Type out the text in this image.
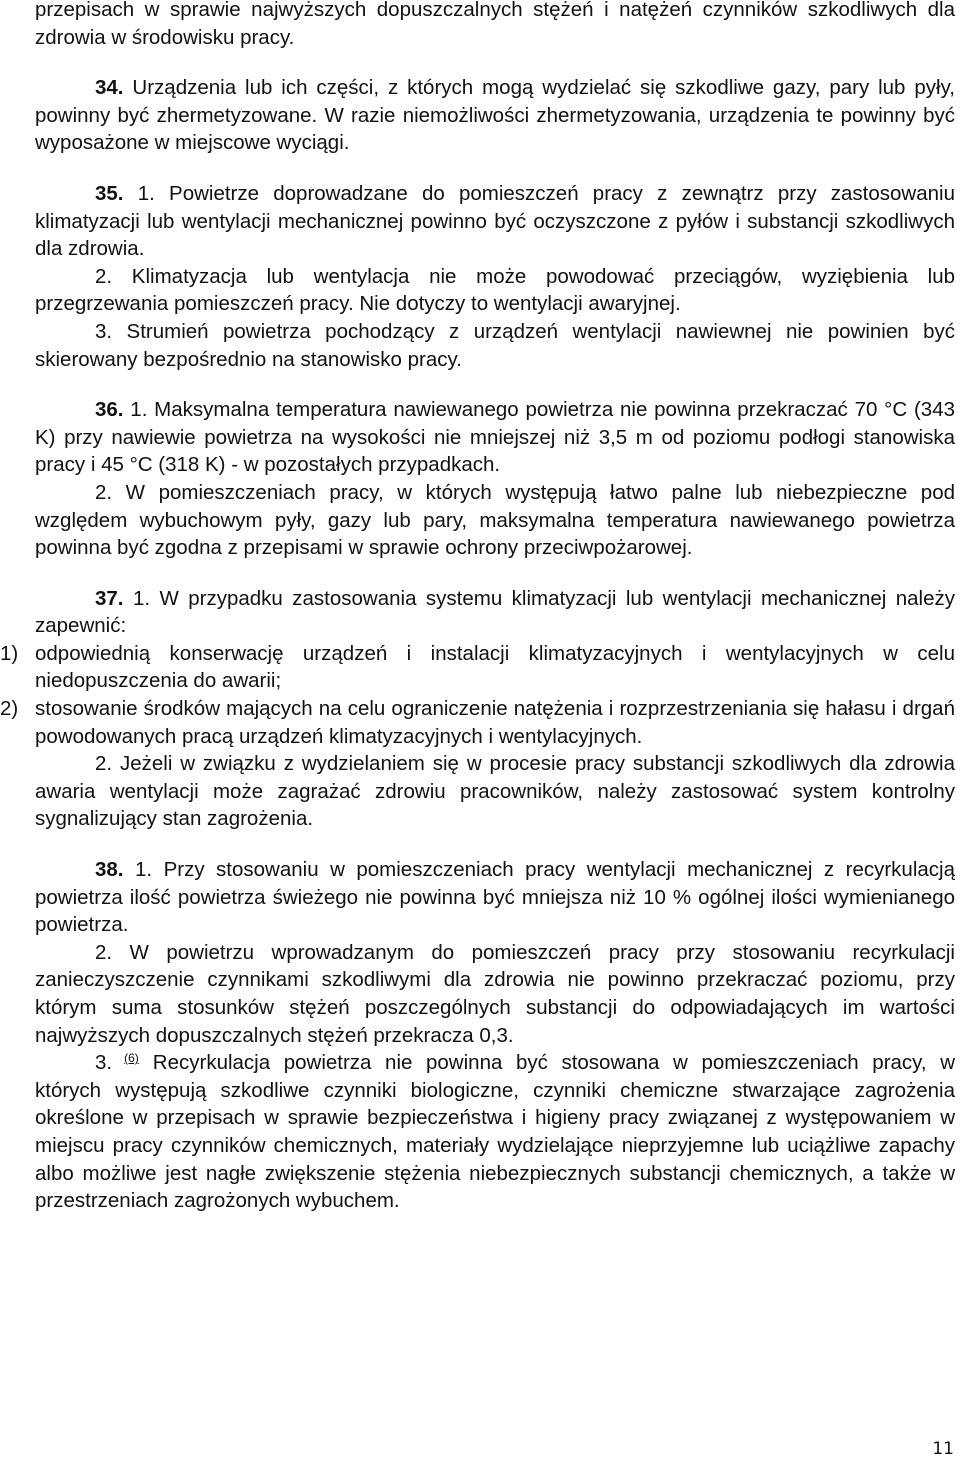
przepisach w sprawie najwyższych dopuszczalnych stężeń i natężeń czynników szkodliwych dla zdrowia w środowisku pracy.

34. Urządzenia lub ich części, z których mogą wydzielać się szkodliwe gazy, pary lub pyły, powinny być zhermetyzowane. W razie niemożliwości zhermetyzowania, urządzenia te powinny być wyposażone w miejscowe wyciągi.

35. 1. Powietrze doprowadzane do pomieszczeń pracy z zewnątrz przy zastosowaniu klimatyzacji lub wentylacji mechanicznej powinno być oczyszczone z pyłów i substancji szkodliwych dla zdrowia.

2. Klimatyzacja lub wentylacja nie może powodować przeciągów, wyziębienia lub przegrzewania pomieszczeń pracy. Nie dotyczy to wentylacji awaryjnej.

3. Strumień powietrza pochodzący z urządzeń wentylacji nawiewnej nie powinien być skierowany bezpośrednio na stanowisko pracy.

36. 1. Maksymalna temperatura nawiewanego powietrza nie powinna przekraczać 70 °C (343 K) przy nawiewie powietrza na wysokości nie mniejszej niż 3,5 m od poziomu podłogi stanowiska pracy i 45 °C (318 K) - w pozostałych przypadkach.

2. W pomieszczeniach pracy, w których występują łatwo palne lub niebezpieczne pod względem wybuchowym pyły, gazy lub pary, maksymalna temperatura nawiewanego powietrza powinna być zgodna z przepisami w sprawie ochrony przeciwpożarowej.

37. 1. W przypadku zastosowania systemu klimatyzacji lub wentylacji mechanicznej należy zapewnić:

1) odpowiednią konserwację urządzeń i instalacji klimatyzacyjnych i wentylacyjnych w celu niedopuszczenia do awarii;

2) stosowanie środków mających na celu ograniczenie natężenia i rozprzestrzeniania się hałasu i drgań powodowanych pracą urządzeń klimatyzacyjnych i wentylacyjnych.

2. Jeżeli w związku z wydzielaniem się w procesie pracy substancji szkodliwych dla zdrowia awaria wentylacji może zagrażać zdrowiu pracowników, należy zastosować system kontrolny sygnalizujący stan zagrożenia.

38. 1. Przy stosowaniu w pomieszczeniach pracy wentylacji mechanicznej z recyrkulacją powietrza ilość powietrza świeżego nie powinna być mniejsza niż 10 % ogólnej ilości wymienianego powietrza.

2. W powietrzu wprowadzanym do pomieszczeń pracy przy stosowaniu recyrkulacji zanieczyszczenie czynnikami szkodliwymi dla zdrowia nie powinno przekraczać poziomu, przy którym suma stosunków stężeń poszczególnych substancji do odpowiadających im wartości najwyższych dopuszczalnych stężeń przekracza 0,3.

3. $^{(6)}$ Recyrkulacja powietrza nie powinna być stosowana w pomieszczeniach pracy, w których występują szkodliwe czynniki biologiczne, czynniki chemiczne stwarzające zagrożenia określone w przepisach w sprawie bezpieczeństwa i higieny pracy związanej z występowaniem w miejscu pracy czynników chemicznych, materiały wydzielające nieprzyjemne lub uciążliwe zapachy albo możliwe jest nagłe zwiększenie stężenia niebezpiecznych substancji chemicznych, a także w przestrzeniach zagrożonych wybuchem.

11
